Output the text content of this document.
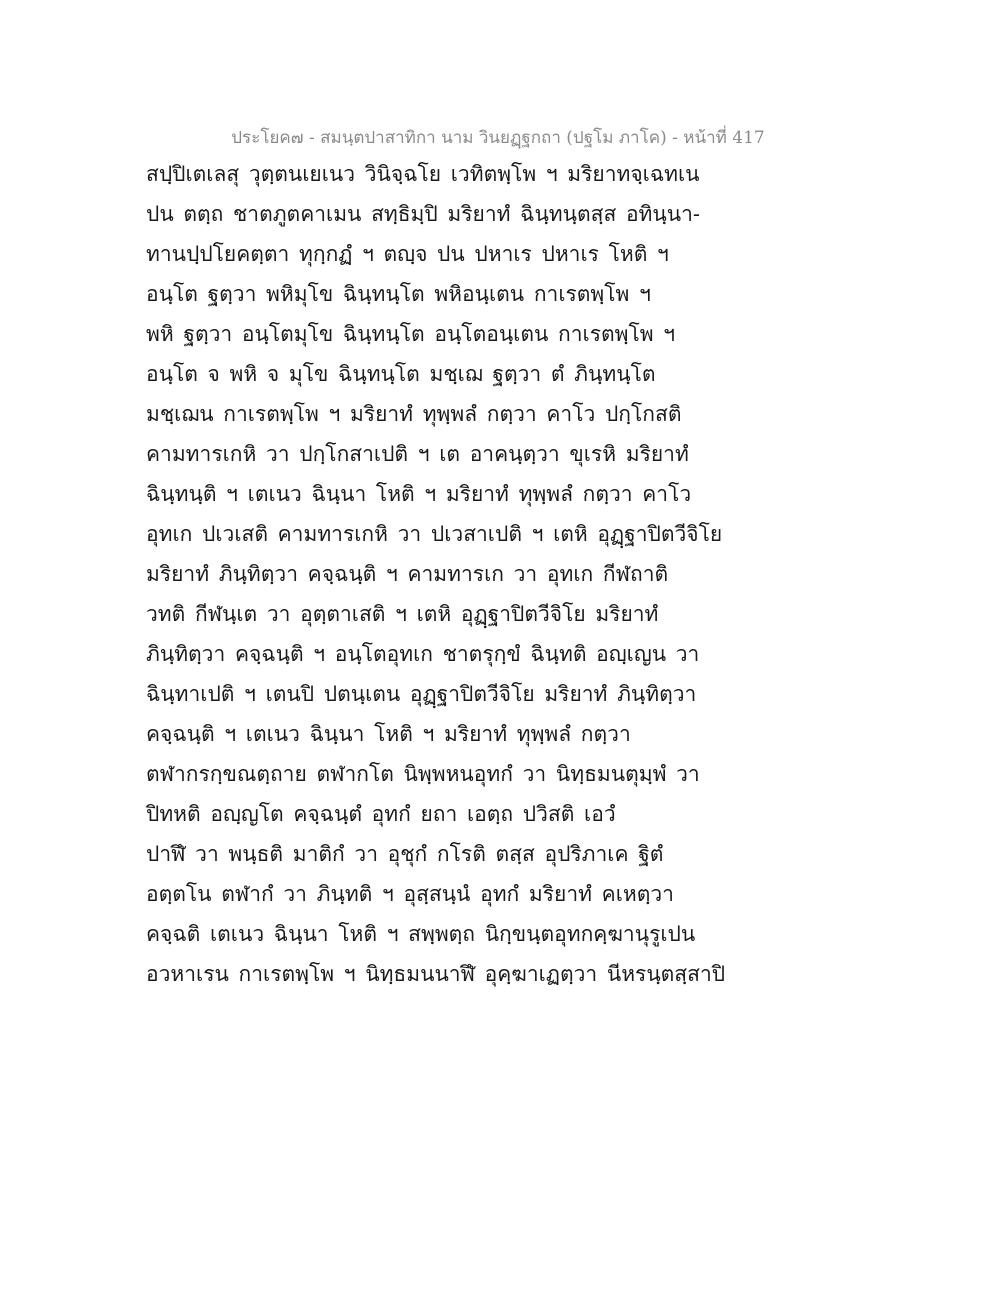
ประโยค๗ - สมนฺตปาสาทิกา นาม วินยฏฺฐกถา (ปฐโม ภาโค) - หน้าที่ 417
สปฺปิเตเลสุ วุตฺตนเยเนว วินิจฺฉโย เวทิตพฺโพ ฯ มริยาทจฺเฉทเน
ปน ตตฺถ ชาตภูตคาเมน สทฺธิมฺปิ มริยาทํ ฉินฺทนฺตสฺส อทินฺนา-
ทานปฺปโยคตฺตา ทุกฺกฏํ ฯ ตญฺจ ปน ปหาเร ปหาเร โหติ ฯ
อนฺโต ฐตฺวา พหิมุโข ฉินฺทนฺโต พหิอนฺเตน กาเรตพฺโพ ฯ
พหิ ฐตฺวา อนฺโตมุโข ฉินฺทนฺโต อนฺโตอนฺเตน กาเรตพฺโพ ฯ
อนฺโต จ พหิ จ มุโข ฉินฺทนฺโต มชฺเฌ ฐตฺวา ตํ ภินฺทนฺโต
มชฺเฌน กาเรตพฺโพ ฯ มริยาทํ ทุพฺพลํ กตฺวา คาโว ปกฺโกสติ
คามทารเกหิ วา ปกฺโกสาเปติ ฯ เต อาคนฺตฺวา ขุเรหิ มริยาทํ
ฉินฺทนฺติ ฯ เตเนว ฉินฺนา โหติ ฯ มริยาทํ ทุพฺพลํ กตฺวา คาโว
อุทเก ปเวเสติ คามทารเกหิ วา ปเวสาเปติ ฯ เตหิ อุฏฺฐาปิตวีจิโย
มริยาทํ ภินฺทิตฺวา คจฺฉนฺติ ฯ คามทารเก วา อุทเก กีฬถาติ
วทติ กีฬนฺเต วา อุตฺตาเสติ ฯ เตหิ อุฏฺฐาปิตวีจิโย มริยาทํ
ภินฺทิตฺวา คจฺฉนฺติ ฯ อนฺโตอุทเก ชาตรุกฺขํ ฉินฺทติ อญฺเญน วา
ฉินฺทาเปติ ฯ เตนปิ ปตนฺเตน อุฏฺฐาปิตวีจิโย มริยาทํ ภินฺทิตฺวา
คจฺฉนฺติ ฯ เตเนว ฉินฺนา โหติ ฯ มริยาทํ ทุพฺพลํ กตฺวา
ตฬากรกฺขณตฺถาย ตฬากโต นิพฺพหนอุทกํ วา นิทฺธมนตุมฺพํ วา
ปิทหติ อญฺญโต คจฺฉนฺตํ อุทกํ ยถา เอตฺถ ปวิสติ เอวํ
ปาฬึ วา พนฺธติ มาติกํ วา อุชุกํ กโรติ ตสฺส อุปริภาเค ฐิตํ
อตฺตโน ตฬากํ วา ภินฺทติ ฯ อุสฺสนฺนํ อุทกํ มริยาทํ คเหตฺวา
คจฺฉติ เตเนว ฉินฺนา โหติ ฯ สพฺพตฺถ นิกฺขนฺตอุทกคฺฆานุรูเปน
อวหาเรน กาเรตพฺโพ ฯ นิทฺธมนนาฬึ อุคฺฆาเฏตฺวา นีหรนฺตสฺสาปิ
